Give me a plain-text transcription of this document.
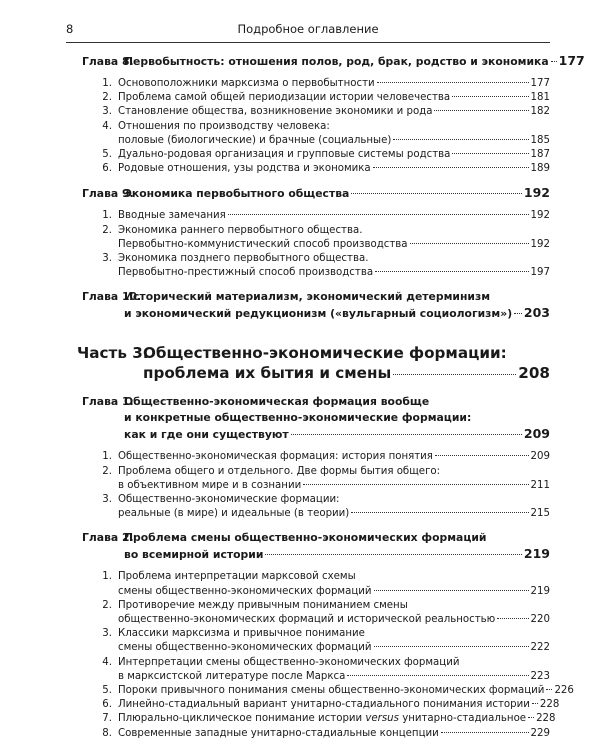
8	Подробное оглавление
Глава 8.
Первобытность: отношения полов, род, брак, родство и экономика 177
1. Основоположники марксизма о первобытности	177
2. Проблема самой общей периодизации истории человечества	181
3. Становление общества, возникновение экономики и рода	182
4. Отношения по производству человека:
половые (биологические) и брачные (социальные)	185
5. Дуально-родовая организация и групповые системы родства	187
6. Родовые отношения, узы родства и экономика	189
Глава 9.
Экономика первобытного общества	192
1. Вводные замечания	192
2. Экономика раннего первобытного общества.
Первобытно-коммунистический способ производства	192
3. Экономика позднего первобытного общества.
Первобытно-престижный способ производства	197
Глава 10.
Исторический материализм, экономический детерминизм
и экономический редукционизм («вульгарный социологизм») 203
Часть 3.
Общественно-экономические формации:
проблема их бытия и смены	208
Глава 1.
Общественно-экономическая формация вообще
и конкретные общественно-экономические формации:
как и где они существуют	209
1. Общественно-экономическая формация: история понятия	209
2. Проблема общего и отдельного. Две формы бытия общего:
в объективном мире и в сознании	211
3. Общественно-экономические формации:
реальные (в мире) и идеальные (в теории)	215
Глава 2.
Проблема смены общественно-экономических формаций
во всемирной истории	219
1. Проблема интерпретации марксовой схемы
смены общественно-экономических формаций	219
2. Противоречие между привычным пониманием смены
общественно-экономических формаций и исторической реальностью	220
3. Классики марксизма и привычное понимание
смены общественно-экономических формаций	222
4. Интерпретации смены общественно-экономических формаций
в марксистской литературе после Маркса	223
5. Пороки привычного понимания смены общественно-экономических формаций 226
6. Линейно-стадиальный вариант унитарно-стадиального понимания истории 228
7. Плюрально-циклическое понимание истории versus унитарно-стадиальное 228
8. Современные западные унитарно-стадиальные концепции	229
